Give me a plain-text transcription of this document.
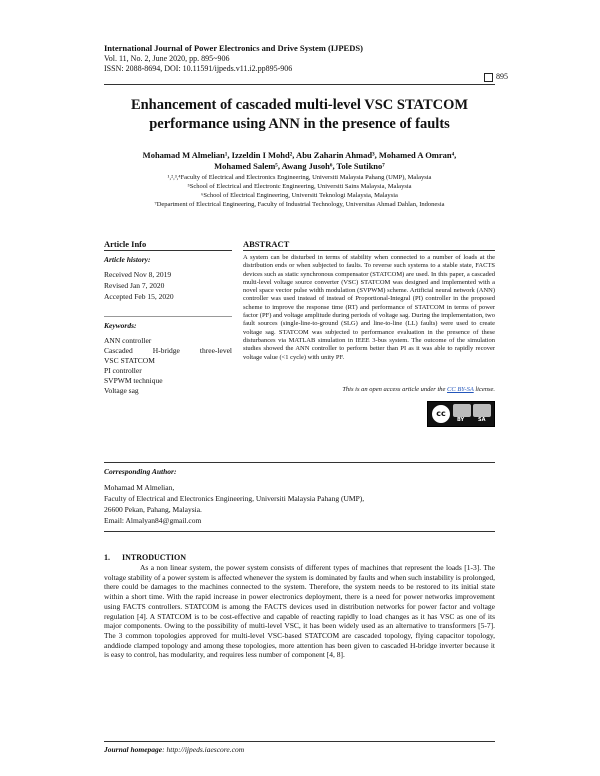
International Journal of Power Electronics and Drive System (IJPEDS)
Vol. 11, No. 2, June 2020, pp. 895~906
ISSN: 2088-8694, DOI: 10.11591/ijpeds.v11.i2.pp895-906
895
Enhancement of cascaded multi-level VSC STATCOM
performance using ANN in the presence of faults
Mohamad M Almelian¹, Izzeldin I Mohd², Abu Zaharin Ahmad³, Mohamed A Omran⁴,
Mohamed Salem⁵, Awang Jusoh⁶, Tole Sutikno⁷
¹,²,³,⁴Faculty of Electrical and Electronics Engineering, Universiti Malaysia Pahang (UMP), Malaysia
⁵School of Electrical and Electronic Engineering, Universiti Sains Malaysia, Malaysia
⁶School of Electrical Engineering, Universiti Teknologi Malaysia, Malaysia
⁷Department of Electrical Engineering, Faculty of Industrial Technology, Universitas Ahmad Dahlan, Indonesia
Article Info
Article history:
Received Nov 8, 2019
Revised Jan 7, 2020
Accepted Feb 15, 2020
Keywords:
ANN controller
Cascaded H-bridge three-level
VSC STATCOM
PI controller
SVPWM technique
Voltage sag
ABSTRACT
A system can be disturbed in terms of stability when connected to a number of loads at the distribution ends or when subjected to faults. To reverse such systems to a stable state, FACTS devices such as static synchronous compensator (STATCOM) are used. In this paper, a cascaded multi-level voltage source converter (VSC) STATCOM was designed and implemented with a novel space vector pulse width modulation (SVPWM) scheme. Artificial neural network (ANN) controller was used instead of instead of Proportional-Integral (PI) controller in the proposed scheme to improve the response time (RT) and performance of STATCOM in terms of power factor (PF) and voltage amplitude during periods of voltage sag. During the implementation, two fault sources (single-line-to-ground (SLG) and line-to-line (LL) faults) were used to create voltage sag. STATCOM was subjected to performance evaluation in the presence of these disturbances via MATLAB simulation in IEEE 3-bus system. The outcome of the simulation studies showed the ANN controller to perform better than PI as it was able to rapidly recover voltage value (<1 cycle) with unity PF.
This is an open access article under the CC BY-SA license.
cc
BY	SA
Corresponding Author:
Mohamad M Almelian,
Faculty of Electrical and Electronics Engineering, Universiti Malaysia Pahang (UMP),
26600 Pekan, Pahang, Malaysia.
Email: Almalyan84@gmail.com
1.      INTRODUCTION
As a non linear system, the power system consists of different types of machines that represent the loads [1-3]. The voltage stability of a power system is affected whenever the system is dominated by faults and when such instability is prolonged, there could be damages to the machines connected to the system. Therefore, the system needs to be restored to its initial state within a short time. With the rapid increase in power electronics deployment, there is a need for power networks improvement using FACTS controllers. STATCOM is among the FACTS devices used in distribution networks for power factor and voltage regulation [4]. A STATCOM is to be cost-effective and capable of reacting rapidly to load changes as it has VSC as one of its major components. Owing to the possibility of multi-level VSC, it has been widely used as an alternative to transformers [5-7]. The 3 common topologies approved for multi-level VSC-based STATCOM are cascaded topology, flying capacitor topology, anddiode clamped topology and among these topologies, more attention has been given to cascaded H-bridge inverter because it is easy to control, has modularity, and requires less number of component [4, 8].
Journal homepage: http://ijpeds.iaescore.com
